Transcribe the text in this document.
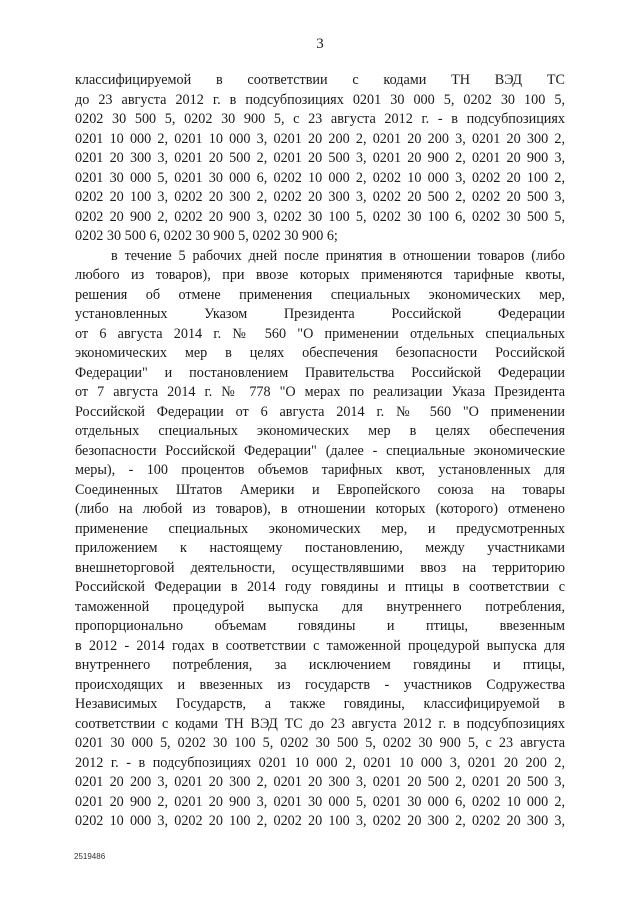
3
классифицируемой в соответствии с кодами ТН ВЭД ТС
до 23 августа 2012 г. в подсубпозициях 0201 30 000 5, 0202 30 100 5,
0202 30 500 5, 0202 30 900 5, с 23 августа 2012 г. - в подсубпозициях
0201 10 000 2, 0201 10 000 3, 0201 20 200 2, 0201 20 200 3, 0201 20 300 2,
0201 20 300 3, 0201 20 500 2, 0201 20 500 3, 0201 20 900 2, 0201 20 900 3,
0201 30 000 5, 0201 30 000 6, 0202 10 000 2, 0202 10 000 3, 0202 20 100 2,
0202 20 100 3, 0202 20 300 2, 0202 20 300 3, 0202 20 500 2, 0202 20 500 3,
0202 20 900 2, 0202 20 900 3, 0202 30 100 5, 0202 30 100 6, 0202 30 500 5,
0202 30 500 6, 0202 30 900 5, 0202 30 900 6;
в течение 5 рабочих дней после принятия в отношении товаров (либо
любого из товаров), при ввозе которых применяются тарифные квоты,
решения об отмене применения специальных экономических мер,
установленных Указом Президента Российской Федерации
от 6 августа 2014 г. № 560 "О применении отдельных специальных
экономических мер в целях обеспечения безопасности Российской
Федерации" и постановлением Правительства Российской Федерации
от 7 августа 2014 г. № 778 "О мерах по реализации Указа Президента
Российской Федерации от 6 августа 2014 г. № 560 "О применении
отдельных специальных экономических мер в целях обеспечения
безопасности Российской Федерации" (далее - специальные экономические
меры), - 100 процентов объемов тарифных квот, установленных для
Соединенных Штатов Америки и Европейского союза на товары
(либо на любой из товаров), в отношении которых (которого) отменено
применение специальных экономических мер, и предусмотренных
приложением к настоящему постановлению, между участниками
внешнеторговой деятельности, осуществлявшими ввоз на территорию
Российской Федерации в 2014 году говядины и птицы в соответствии с
таможенной процедурой выпуска для внутреннего потребления,
пропорционально объемам говядины и птицы, ввезенным
в 2012 - 2014 годах в соответствии с таможенной процедурой выпуска для
внутреннего потребления, за исключением говядины и птицы,
происходящих и ввезенных из государств - участников Содружества
Независимых Государств, а также говядины, классифицируемой в
соответствии с кодами ТН ВЭД ТС до 23 августа 2012 г. в подсубпозициях
0201 30 000 5, 0202 30 100 5, 0202 30 500 5, 0202 30 900 5, с 23 августа
2012 г. - в подсубпозициях 0201 10 000 2, 0201 10 000 3, 0201 20 200 2,
0201 20 200 3, 0201 20 300 2, 0201 20 300 3, 0201 20 500 2, 0201 20 500 3,
0201 20 900 2, 0201 20 900 3, 0201 30 000 5, 0201 30 000 6, 0202 10 000 2,
0202 10 000 3, 0202 20 100 2, 0202 20 100 3, 0202 20 300 2, 0202 20 300 3,
2519486
